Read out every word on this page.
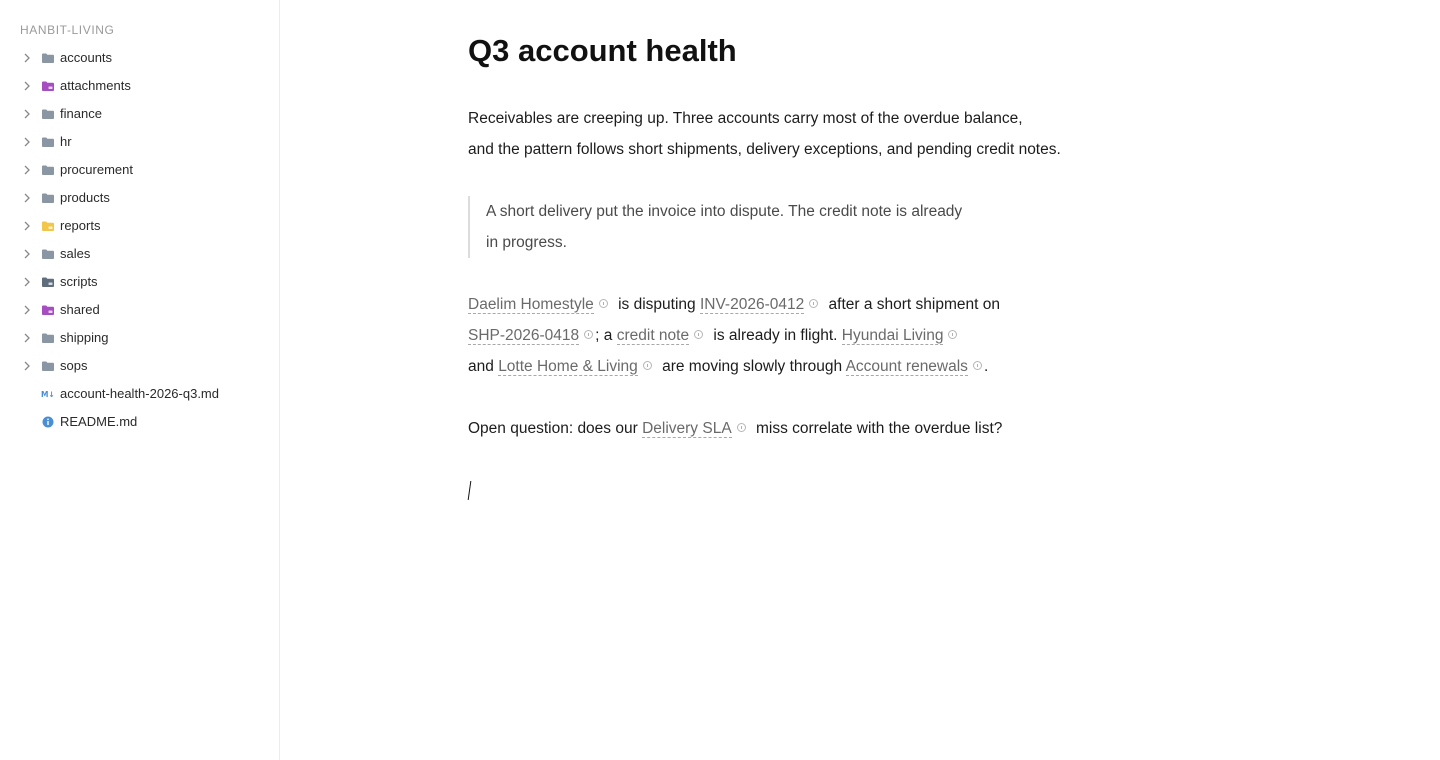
HANBIT-LIVING
accounts
attachments
finance
hr
procurement
products
reports
sales
scripts
shared
shipping
sops
M↓ account-health-2026-q3.md
README.md
Q3 account health

Receivables are creeping up. Three accounts carry most of the overdue balance,

and the pattern follows short shipments, delivery exceptions, and pending credit notes.

A short delivery put the invoice into dispute. The credit note is already

in progress.

Daelim Homestyle is disputing INV-2026-0412 after a short shipment on

SHP-2026-0418 ; a credit note is already in flight. Hyundai Living

and Lotte Home & Living are moving slowly through Account renewals .

Open question: does our Delivery SLA miss correlate with the overdue list?
